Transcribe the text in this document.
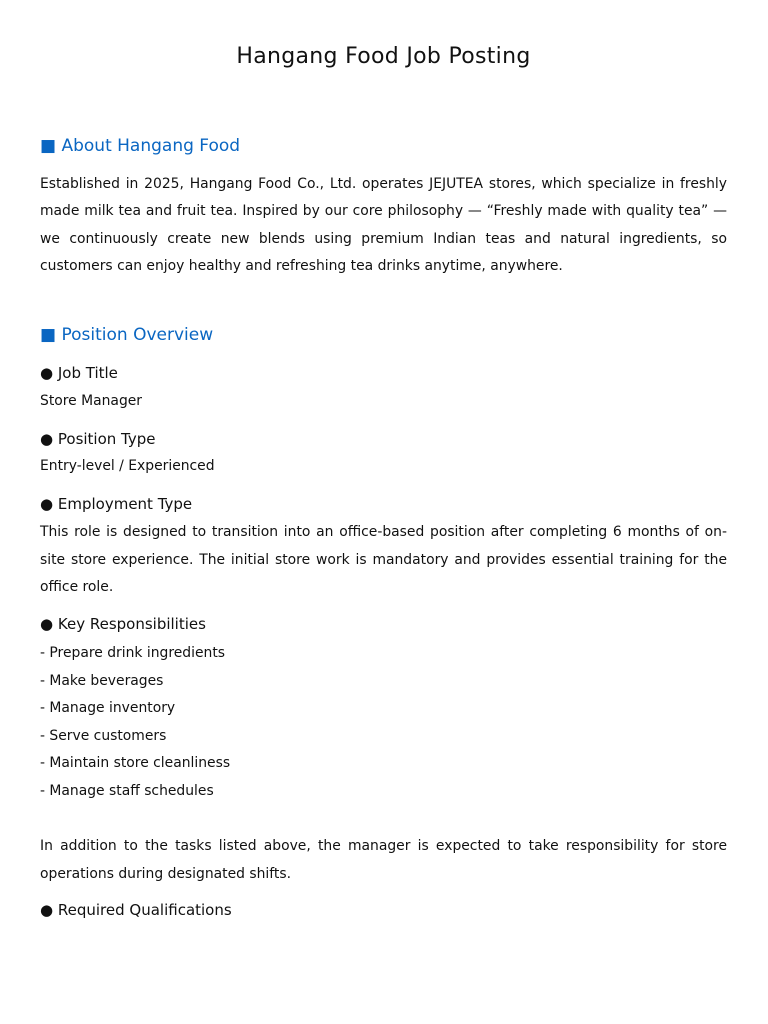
Hangang Food Job Posting
■ About Hangang Food
Established in 2025, Hangang Food Co., Ltd. operates JEJUTEA stores, which specialize in freshly made milk tea and fruit tea. Inspired by our core philosophy — “Freshly made with quality tea” — we continuously create new blends using premium Indian teas and natural ingredients, so customers can enjoy healthy and refreshing tea drinks anytime, anywhere.
■ Position Overview
● Job Title
Store Manager
● Position Type
Entry-level / Experienced
● Employment Type
This role is designed to transition into an office-based position after completing 6 months of on-site store experience. The initial store work is mandatory and provides essential training for the office role.
● Key Responsibilities
- Prepare drink ingredients
- Make beverages
- Manage inventory
- Serve customers
- Maintain store cleanliness
- Manage staff schedules
In addition to the tasks listed above, the manager is expected to take responsibility for store operations during designated shifts.
● Required Qualifications
